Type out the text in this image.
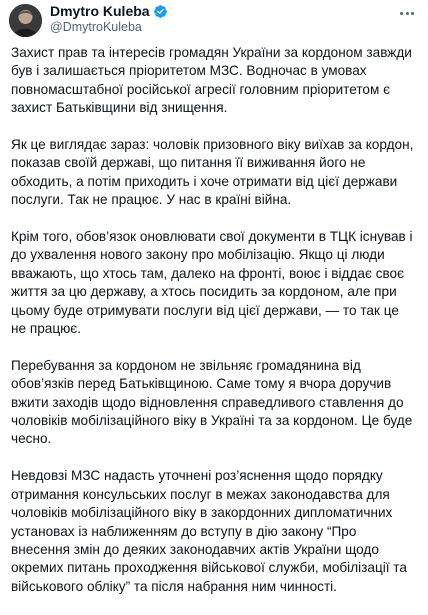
Dmytro Kuleba
@DmytroKuleba

Захист прав та інтересів громадян України за кордоном завжди був і залишається пріоритетом МЗС. Водночас в умовах повномасштабної російської агресії головним пріоритетом є захист Батьківщини від знищення.

Як це виглядає зараз: чоловік призовного віку виїхав за кордон, показав своїй державі, що питання її виживання його не обходить, а потім приходить і хоче отримати від цієї держави послуги. Так не працює. У нас в країні війна.

Крім того, обов’язок оновлювати свої документи в ТЦК існував і до ухвалення нового закону про мобілізацію. Якщо ці люди вважають, що хтось там, далеко на фронті, воює і віддає своє життя за цю державу, а хтось посидить за кордоном, але при цьому буде отримувати послуги від цієї держави, — то так це не працює.

Перебування за кордоном не звільняє громадянина від обов’язків перед Батьківщиною. Саме тому я вчора доручив вжити заходів щодо відновлення справедливого ставлення до чоловіків мобілізаційного віку в Україні та за кордоном. Це буде чесно.

Невдовзі МЗС надасть уточнені роз’яснення щодо порядку отримання консульських послуг в межах законодавства для чоловіків мобілізаційного віку в закордонних дипломатичних установах із наближенням до вступу в дію закону “Про внесення змін до деяких законодавчих актів України щодо окремих питань проходження військової служби, мобілізації та військового обліку” та після набрання ним чинності.
